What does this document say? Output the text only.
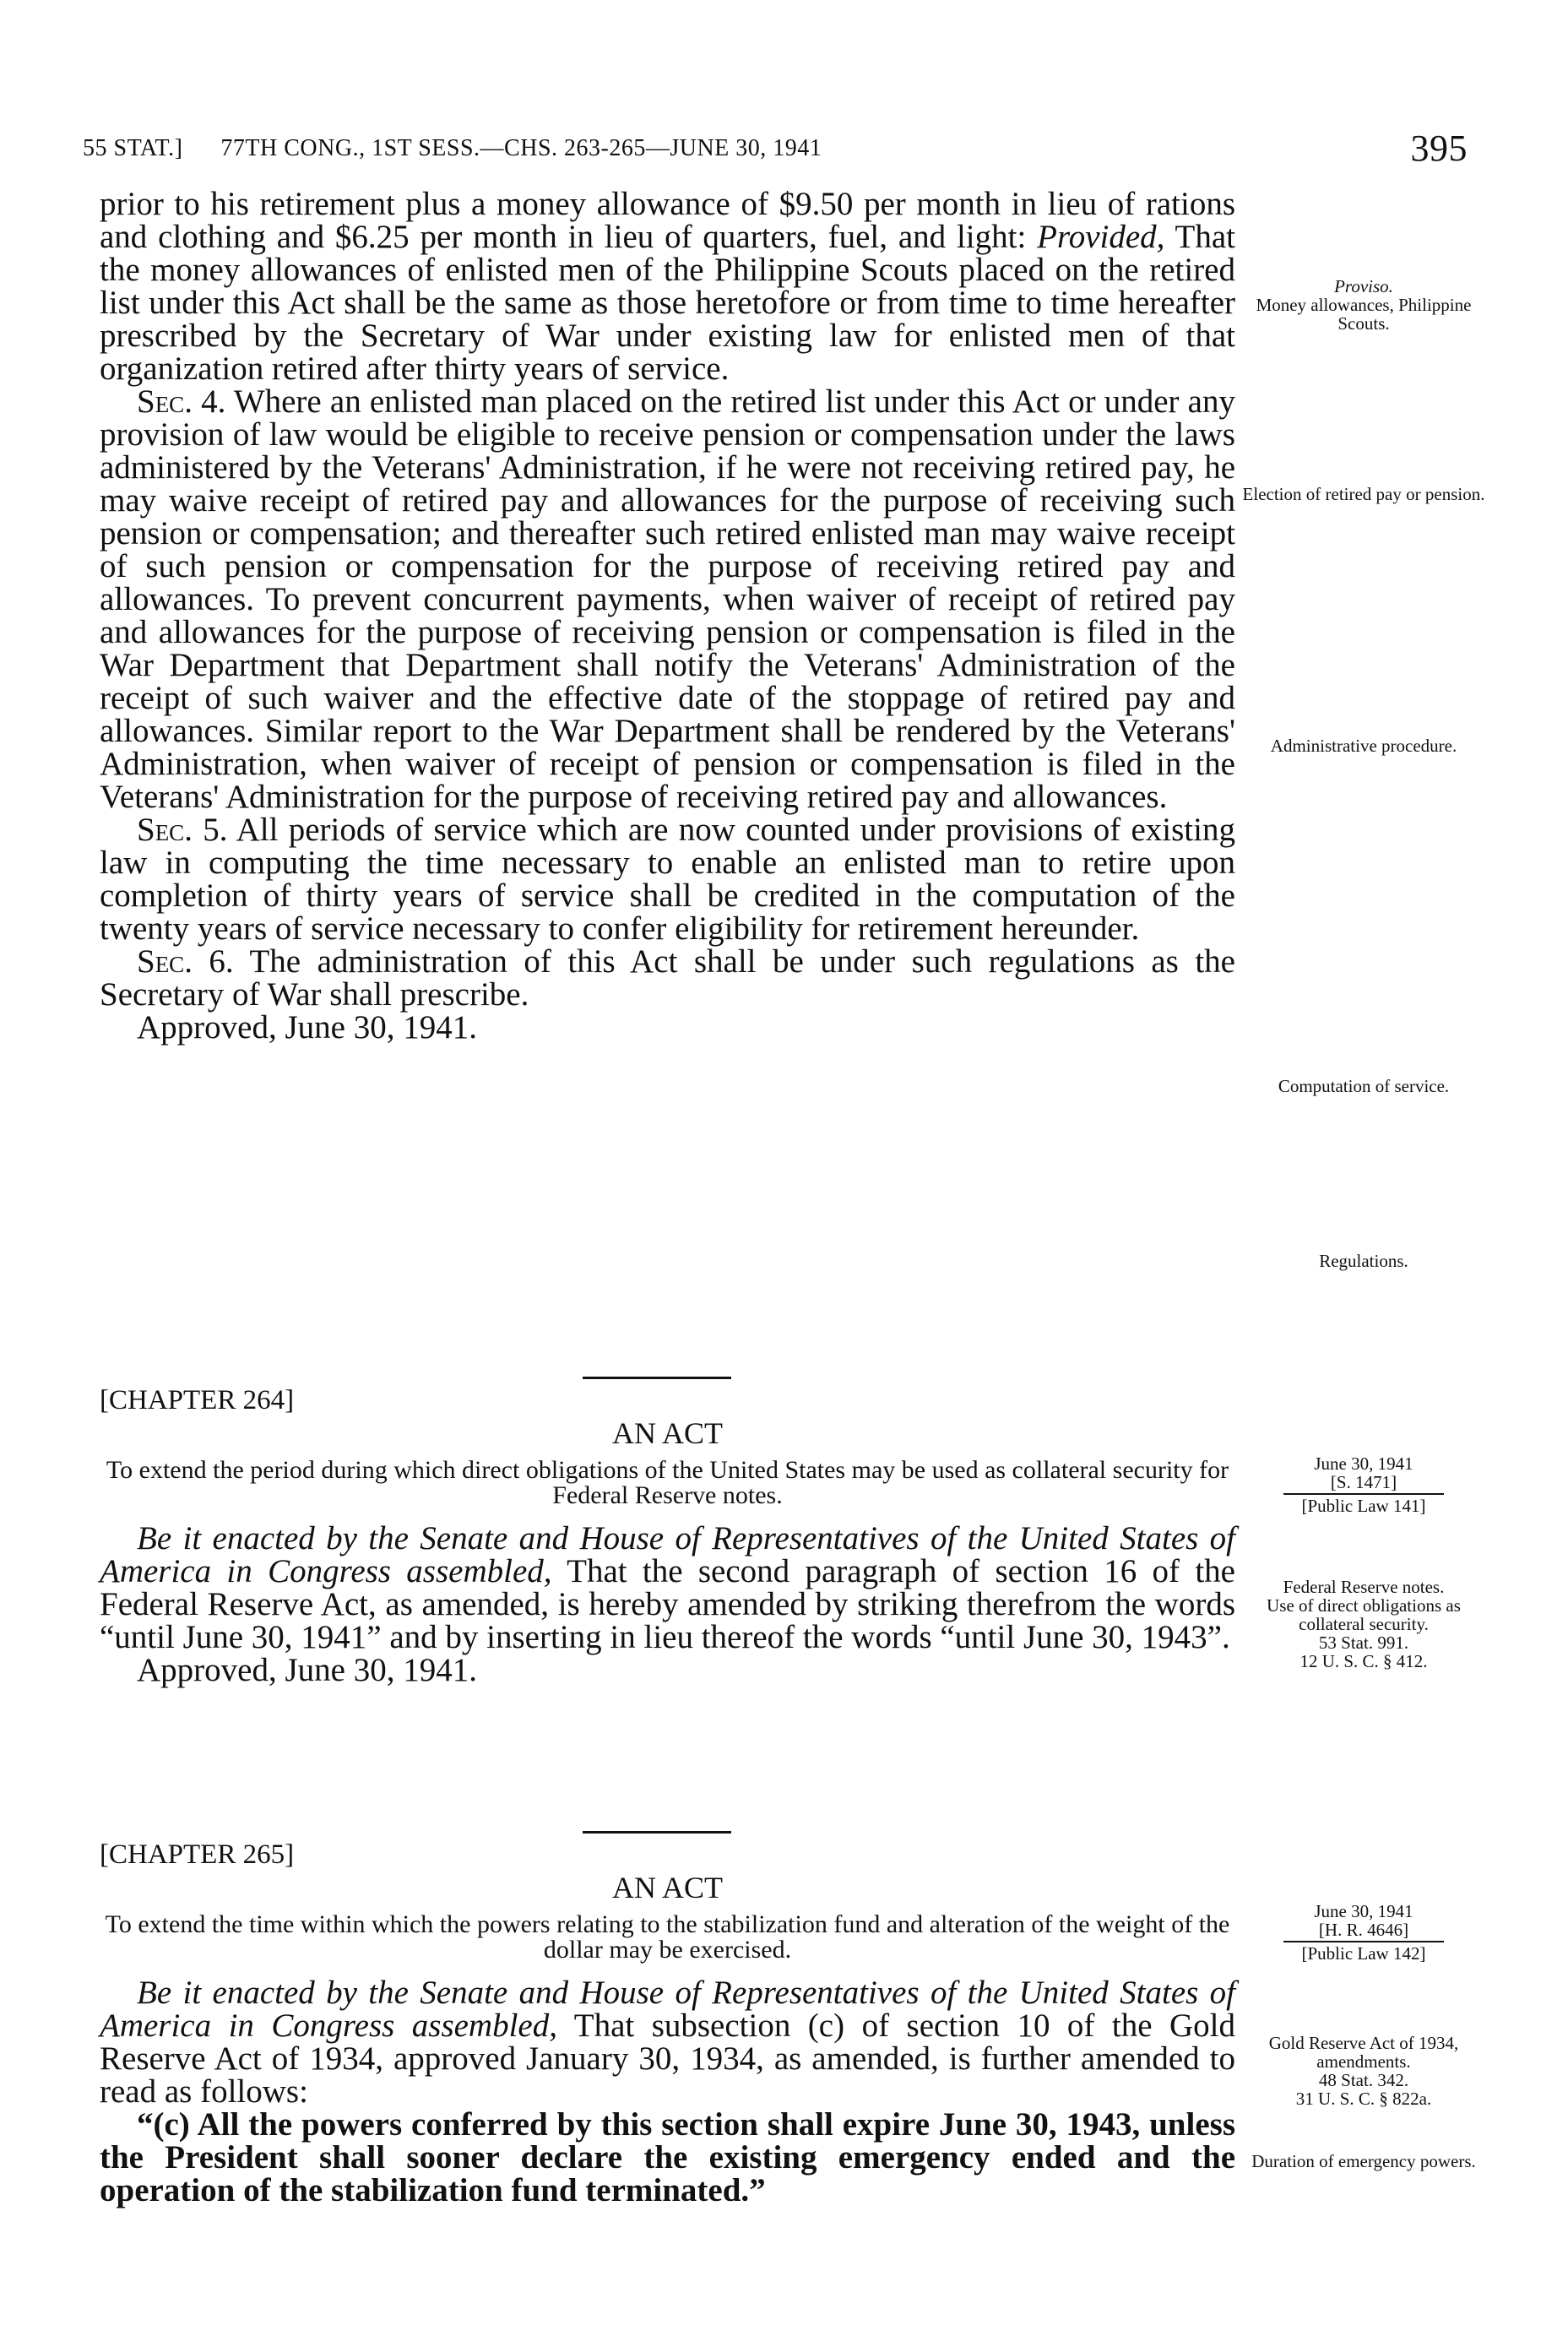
55 STAT.]      77TH CONG., 1ST SESS.—CHS. 263-265—JUNE 30, 1941	395

prior to his retirement plus a money allowance of $9.50 per month in lieu of rations and clothing and $6.25 per month in lieu of quarters, fuel, and light: Provided, That the money allowances of enlisted men of the Philippine Scouts placed on the retired list under this Act shall be the same as those heretofore or from time to time hereafter prescribed by the Secretary of War under existing law for enlisted men of that organization retired after thirty years of service.

Sec. 4. Where an enlisted man placed on the retired list under this Act or under any provision of law would be eligible to receive pension or compensation under the laws administered by the Veterans' Administration, if he were not receiving retired pay, he may waive receipt of retired pay and allowances for the purpose of receiving such pension or compensation; and thereafter such retired enlisted man may waive receipt of such pension or compensation for the purpose of receiving retired pay and allowances. To prevent concurrent payments, when waiver of receipt of retired pay and allowances for the purpose of receiving pension or compensation is filed in the War Department that Department shall notify the Veterans' Administration of the receipt of such waiver and the effective date of the stoppage of retired pay and allowances. Similar report to the War Department shall be rendered by the Veterans' Administration, when waiver of receipt of pension or compensation is filed in the Veterans' Administration for the purpose of receiving retired pay and allowances.

Sec. 5. All periods of service which are now counted under provisions of existing law in computing the time necessary to enable an enlisted man to retire upon completion of thirty years of service shall be credited in the computation of the twenty years of service necessary to confer eligibility for retirement hereunder.

Sec. 6. The administration of this Act shall be under such regulations as the Secretary of War shall prescribe.

Approved, June 30, 1941.

[CHAPTER 264]
AN ACT
To extend the period during which direct obligations of the United States may be used as collateral security for Federal Reserve notes.

Be it enacted by the Senate and House of Representatives of the United States of America in Congress assembled, That the second paragraph of section 16 of the Federal Reserve Act, as amended, is hereby amended by striking therefrom the words “until June 30, 1941” and by inserting in lieu thereof the words “until June 30, 1943”.

Approved, June 30, 1941.

[CHAPTER 265]
AN ACT
To extend the time within which the powers relating to the stabilization fund and alteration of the weight of the dollar may be exercised.

Be it enacted by the Senate and House of Representatives of the United States of America in Congress assembled, That subsection (c) of section 10 of the Gold Reserve Act of 1934, approved January 30, 1934, as amended, is further amended to read as follows:

“(c) All the powers conferred by this section shall expire June 30, 1943, unless the President shall sooner declare the existing emergency ended and the operation of the stabilization fund terminated.”

Proviso.
Money allowances, Philippine Scouts.
Election of retired pay or pension.
Administrative procedure.
Computation of service.
Regulations.
June 30, 1941
[S. 1471]
[Public Law 141]
Federal Reserve notes.
Use of direct obligations as collateral security.
53 Stat. 991.
12 U. S. C. § 412.
June 30, 1941
[H. R. 4646]
[Public Law 142]
Gold Reserve Act of 1934, amendments.
48 Stat. 342.
31 U. S. C. § 822a.
Duration of emergency powers.
